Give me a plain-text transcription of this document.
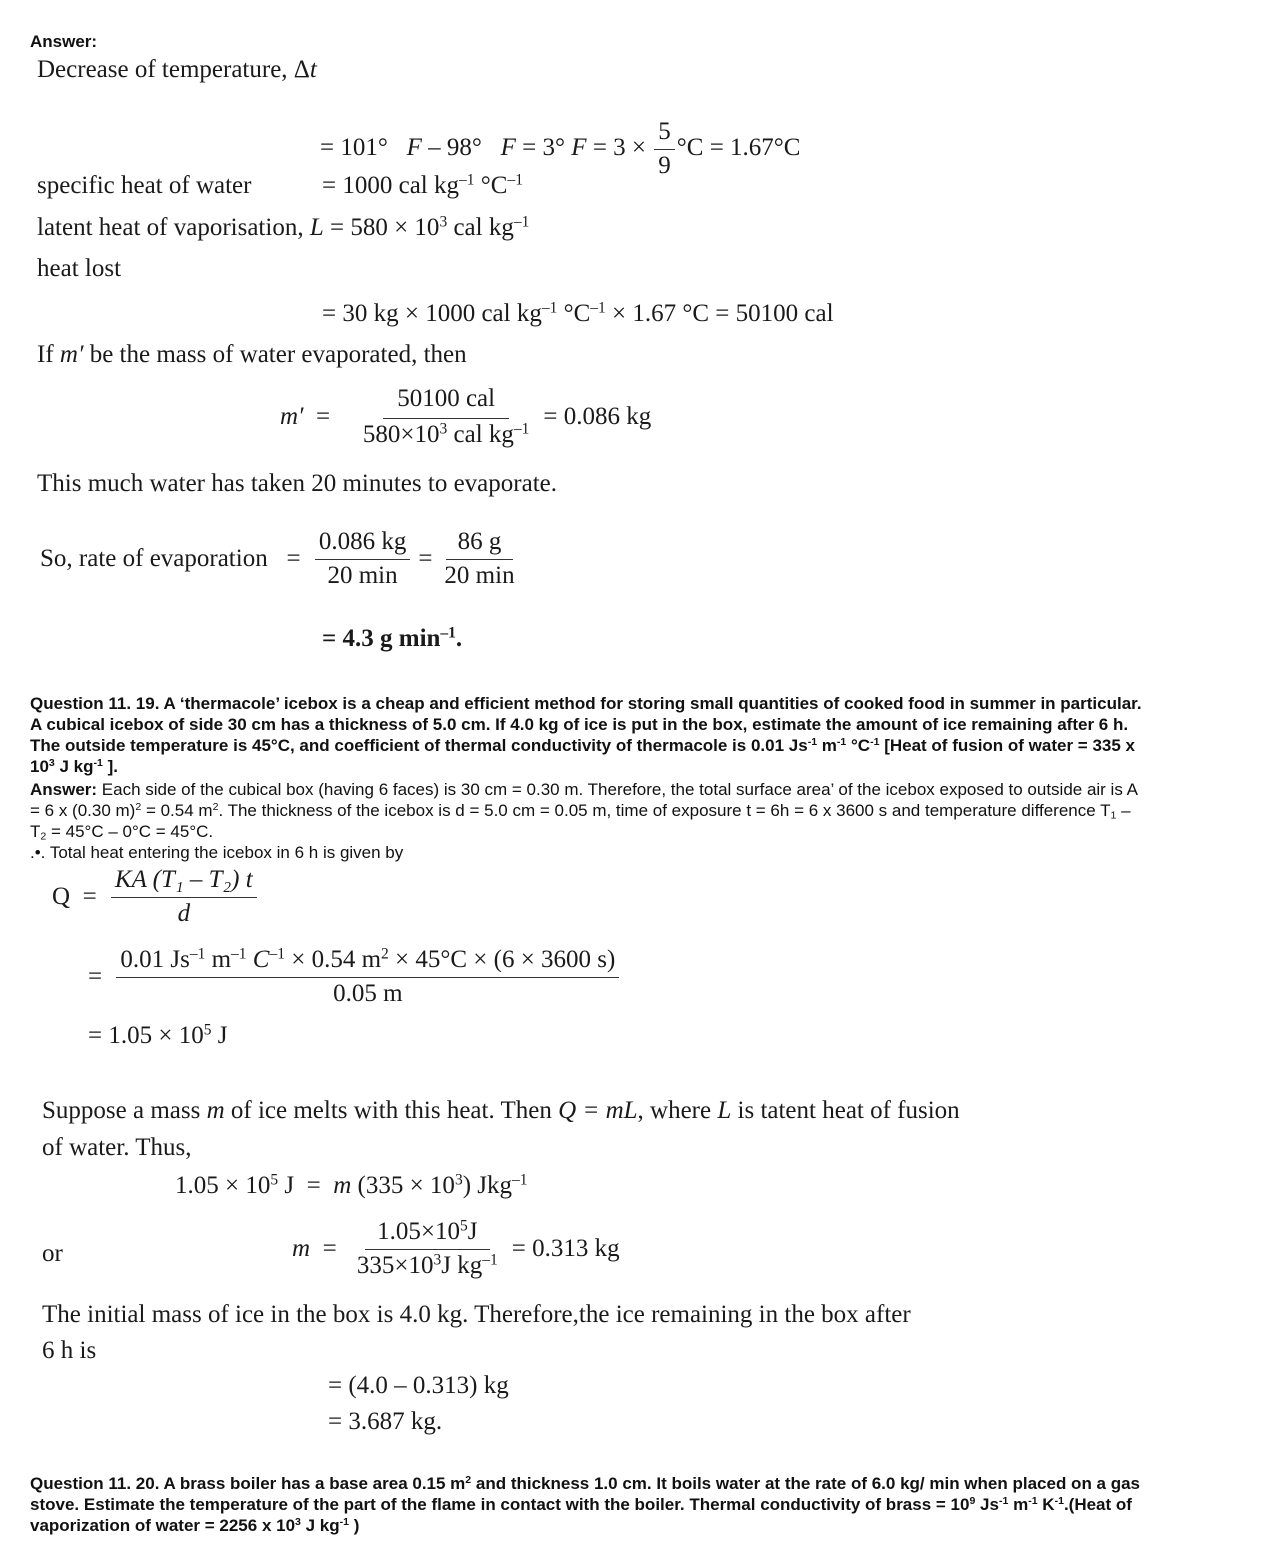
Answer:
Decrease of temperature, Δt
= 101° F – 98° F = 3° $F = 3 \times \frac{5}{9} ^\circ C = 1.67^\circ C$
specific heat of water	= 1000 cal $kg^{-1}$ $^\circ C^{-1}$
latent heat of vaporisation, $L = 580 \times 10^3$ cal $kg^{-1}$
heat lost
= 30 kg × 1000 cal $kg^{-1}$ $^\circ C^{-1} \times 1.67$ °C = 50100 cal
If m′ be the mass of water evaporated, then
m′
=
$\frac{\text{50100 cal}}{580\times 10^3 cal kg^{-1}} = 0.086$ kg
This much water has taken 20 minutes to evaporate.
So, rate of evaporation
=
$\frac{0.086 kg}{20 \min} = \frac{86 g}{20 \min}$
= 4.3 g $\min^{-1}$.
Question 11. 19. A ‘thermacole’ icebox is a cheap and efficient method for storing small quantities of cooked food in summer in particular.
A cubical icebox of side 30 cm has a thickness of 5.0 cm. If 4.0 kg of ice is put in the box, estimate the amount of ice remaining after 6 h.
The outside temperature is 45°C, and coefficient of thermal conductivity of thermacole is 0.01 $Js^{-1}$ $m^{-1}$ $^\circ C^{-1}$ [Heat of fusion of water = 335 x
$10^3$ J $kg^{-1}$ ].
Answer: Each side of the cubical box (having 6 faces) is 30 cm = 0.30 m. Therefore, the total surface area’ of the icebox exposed to outside air is A
= 6 x (0.30 m)$^2$ = 0.54 $m^2$. The thickness of the icebox is d = 5.0 cm = 0.05 m, time of exposure t = 6h = 6 x 3600 s and temperature difference $T_1$ –
$T_2 = 45^\circ C - 0^\circ C = 45^\circ C$.
.•. Total heat entering the icebox in 6 h is given by
Q
=
$\frac{\text{KA (T₁ – T₂) t}}{d}$
=
$\frac{0.01 Js^{-1} m^{-1} C^{-1} \times 0.54 m^2 \times 45^\circ C \times (6 \times 3600 s)}{0.05 m}$
= $1.05 \times 10^5$ J
Suppose a mass m of ice melts with this heat. Then Q = mL, where L is tatent heat of fusion
of water. Thus,
$1.05 \times 10^5$ J  =  m $(335 \times 10^3)$ Jkg$^{-1}$
or	m
=
$\frac{1.05\times 10^5J}{335\times 10^3J kg^{-1}} = 0.313$ kg
The initial mass of ice in the box is 4.0 kg. Therefore,the ice remaining in the box after
6 h is
= (4.0 – 0.313) kg
= 3.687 kg.
Question 11. 20. A brass boiler has a base area 0.15 $m^2$ and thickness 1.0 cm. It boils water at the rate of 6.0 kg/ min when placed on a gas
stove. Estimate the temperature of the part of the flame in contact with the boiler. Thermal conductivity of brass = $10^9$ $Js^{-1}$ $m^{-1}$ $K^{-1}.(Heat$ of
vaporization of water = 2256 x $10^3$ J $kg^{-1}$ )
